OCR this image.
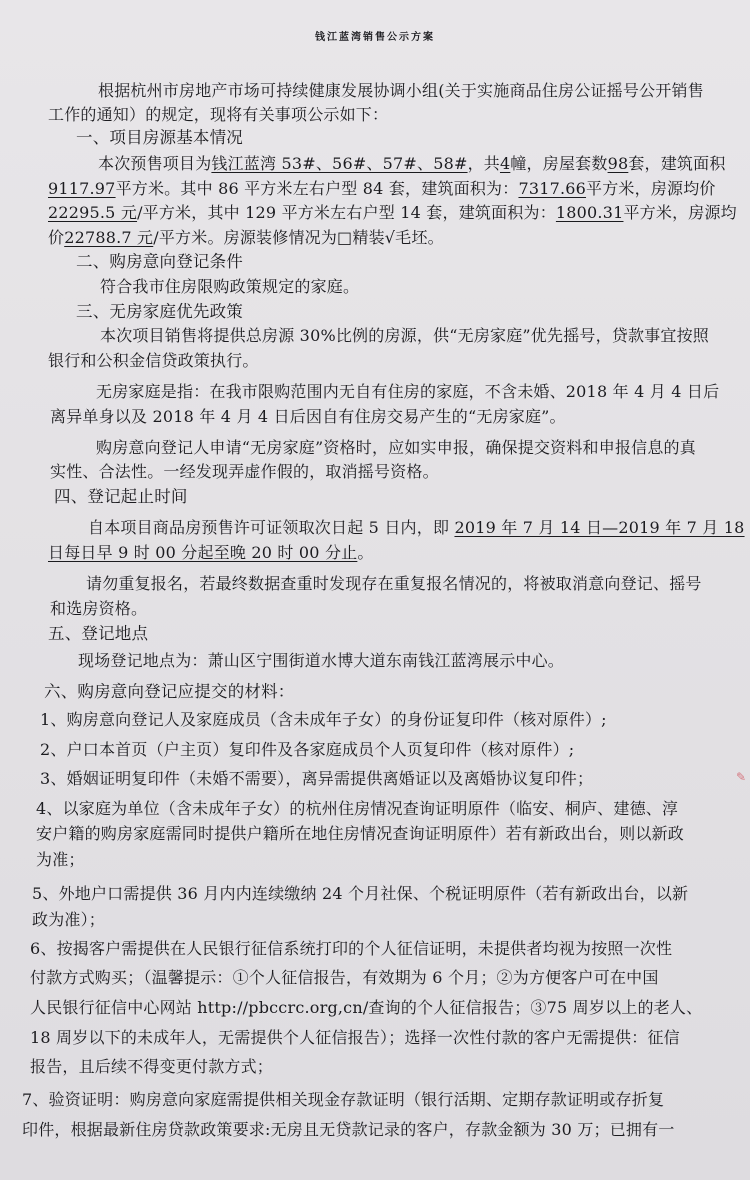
钱江蓝湾销售公示方案
根据杭州市房地产市场可持续健康发展协调小组(关于实施商品住房公证摇号公开销售
工作的通知）的规定，现将有关事项公示如下：
一、项目房源基本情况
本次预售项目为钱江蓝湾 53#、56#、57#、58#，共4幢，房屋套数98套，建筑面积
9117.97平方米。其中 86 平方米左右户型 84 套，建筑面积为：7317.66平方米，房源均价
22295.5 元/平方米，其中 129 平方米左右户型 14 套，建筑面积为：1800.31平方米，房源均
价22788.7 元/平方米。房源装修情况为□精装√毛坯。
二、购房意向登记条件
符合我市住房限购政策规定的家庭。
三、无房家庭优先政策
本次项目销售将提供总房源 30%比例的房源，供“无房家庭”优先摇号，贷款事宜按照
银行和公积金信贷政策执行。
无房家庭是指：在我市限购范围内无自有住房的家庭，不含未婚、2018 年 4 月 4 日后
离异单身以及 2018 年 4 月 4 日后因自有住房交易产生的“无房家庭”。
购房意向登记人申请“无房家庭”资格时，应如实申报，确保提交资料和申报信息的真
实性、合法性。一经发现弄虚作假的，取消摇号资格。
四、登记起止时间
自本项目商品房预售许可证领取次日起 5 日内，即 2019 年 7 月 14 日—2019 年 7 月 18
日每日早 9 时 00 分起至晚 20 时 00 分止。
请勿重复报名，若最终数据查重时发现存在重复报名情况的，将被取消意向登记、摇号
和选房资格。
五、登记地点
现场登记地点为：萧山区宁围街道水博大道东南钱江蓝湾展示中心。
六、购房意向登记应提交的材料：
1、购房意向登记人及家庭成员（含未成年子女）的身份证复印件（核对原件）;
2、户口本首页（户主页）复印件及各家庭成员个人页复印件（核对原件）;
3、婚姻证明复印件（未婚不需要），离异需提供离婚证以及离婚协议复印件；
4、以家庭为单位（含未成年子女）的杭州住房情况查询证明原件（临安、桐庐、建德、淳
安户籍的购房家庭需同时提供户籍所在地住房情况查询证明原件）若有新政出台，则以新政
为准；
5、外地户口需提供 36 月内内连续缴纳 24 个月社保、个税证明原件（若有新政出台，以新
政为准）；
6、按揭客户需提供在人民银行征信系统打印的个人征信证明，未提供者均视为按照一次性
付款方式购买；（温馨提示：①个人征信报告，有效期为 6 个月；②为方便客户可在中国
人民银行征信中心网站 http://pbccrc.org,cn/查询的个人征信报告；③75 周岁以上的老人、
18 周岁以下的未成年人，无需提供个人征信报告）；选择一次性付款的客户无需提供：征信
报告，且后续不得变更付款方式；
7、验资证明：购房意向家庭需提供相关现金存款证明（银行活期、定期存款证明或存折复
印件，根据最新住房贷款政策要求:无房且无贷款记录的客户，存款金额为 30 万；已拥有一
✎
